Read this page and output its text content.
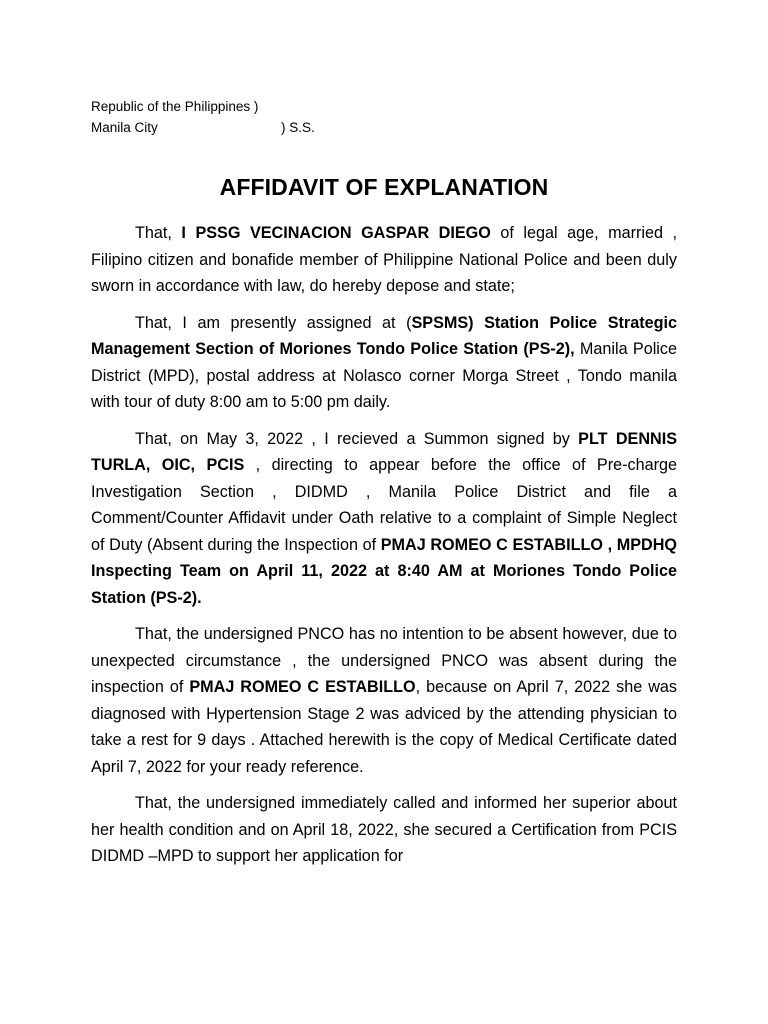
Republic of the Philippines )
Manila City	) S.S.
AFFIDAVIT OF EXPLANATION

That, I PSSG VECINACION GASPAR DIEGO of legal age, married , Filipino citizen and bonafide member of Philippine National Police and been duly sworn in accordance with law, do hereby depose and state;

That, I am presently assigned at (SPSMS) Station Police Strategic Management Section of Moriones Tondo Police Station (PS-2), Manila Police District (MPD), postal address at Nolasco corner Morga Street , Tondo manila with tour of duty 8:00 am to 5:00 pm daily.

That, on May 3, 2022 , I recieved a Summon signed by PLT DENNIS TURLA, OIC, PCIS , directing to appear before the office of Pre-charge Investigation Section , DIDMD , Manila Police District and file a Comment/Counter Affidavit under Oath relative to a complaint of Simple Neglect of Duty (Absent during the Inspection of PMAJ ROMEO C ESTABILLO , MPDHQ Inspecting Team on April 11, 2022 at 8:40 AM at Moriones Tondo Police Station (PS-2).

That, the undersigned PNCO has no intention to be absent however, due to unexpected circumstance , the undersigned PNCO was absent during the inspection of PMAJ ROMEO C ESTABILLO, because on April 7, 2022 she was diagnosed with Hypertension Stage 2 was adviced by the attending physician to take a rest for 9 days . Attached herewith is the copy of Medical Certificate dated April 7, 2022 for your ready reference.

That, the undersigned immediately called and informed her superior about her health condition and on April 18, 2022, she secured a Certification from PCIS DIDMD –MPD to support her application for
